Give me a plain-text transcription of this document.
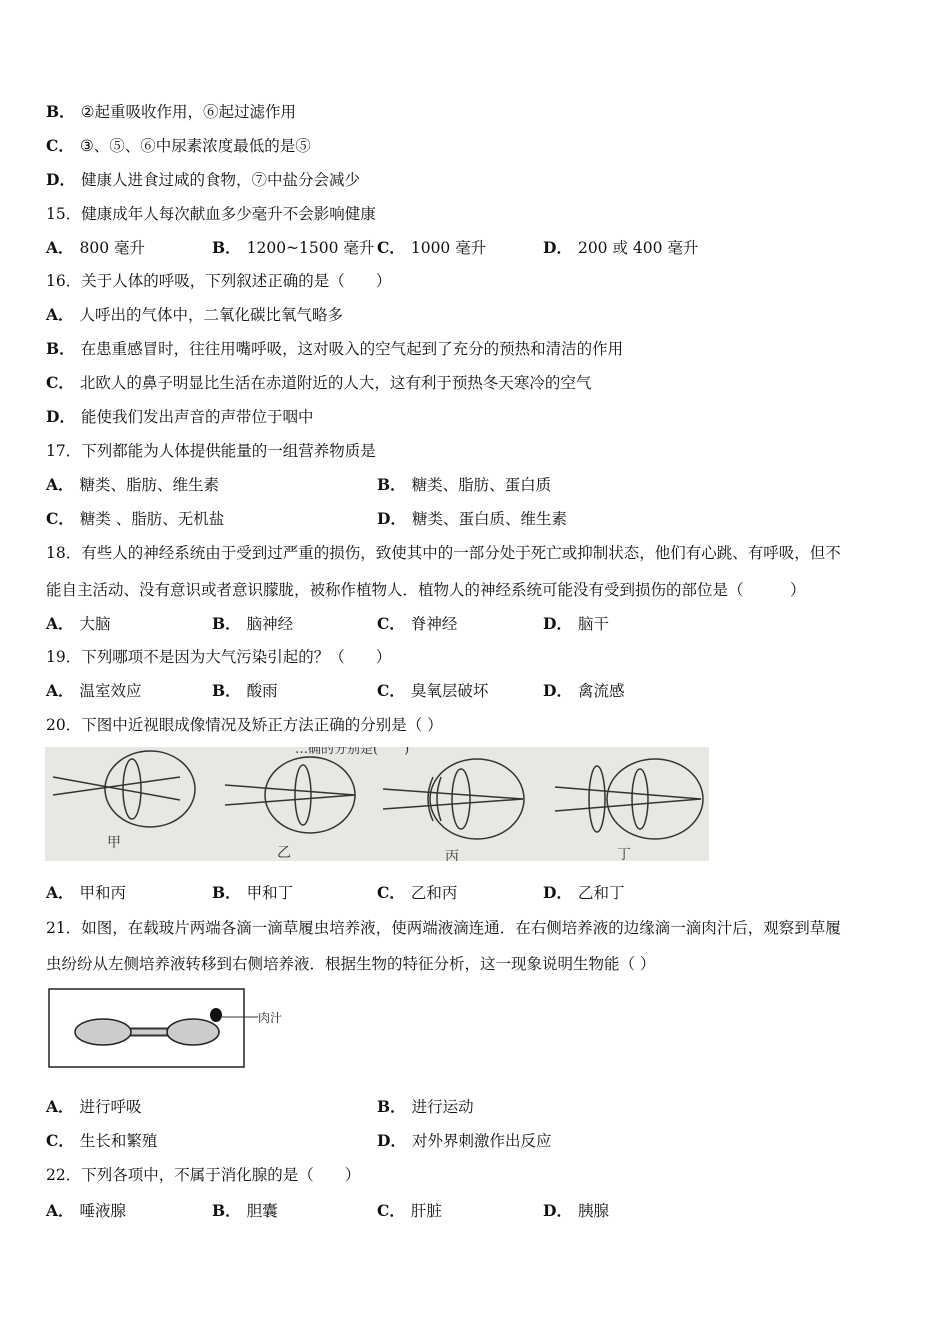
B． ②起重吸收作用，⑥起过滤作用
C． ③、⑤、⑥中尿素浓度最低的是⑤
D． 健康人进食过咸的食物，⑦中盐分会减少
15．健康成年人每次献血多少毫升不会影响健康
16．关于人体的呼吸，下列叙述正确的是（　　）
A． 人呼出的气体中，二氧化碳比氧气略多
B． 在患重感冒时，往往用嘴呼吸，这对吸入的空气起到了充分的预热和清洁的作用
C． 北欧人的鼻子明显比生活在赤道附近的人大，这有利于预热冬天寒冷的空气
D． 能使我们发出声音的声带位于咽中
17．下列都能为人体提供能量的一组营养物质是
A． 糖类、脂肪、维生素	B． 糖类、脂肪、蛋白质
C． 糖类 、脂肪、无机盐	D． 糖类、蛋白质、维生素
18．有些人的神经系统由于受到过严重的损伤，致使其中的一部分处于死亡或抑制状态，他们有心跳、有呼吸，但不
能自主活动、没有意识或者意识朦胧，被称作植物人．植物人的神经系统可能没有受到损伤的部位是（　　　）
19．下列哪项不是因为大气污染引起的？（　　）
20．下图中近视眼成像情况及矫正方法正确的分别是（ ）
…确的分别是(　　)
甲
乙	丙	丁
21．如图，在载玻片两端各滴一滴草履虫培养液，使两端液滴连通．在右侧培养液的边缘滴一滴肉汁后，观察到草履
虫纷纷从左侧培养液转移到右侧培养液．根据生物的特征分析，这一现象说明生物能（ ）
肉汁
A． 进行呼吸	B． 进行运动
C． 生长和繁殖	D． 对外界刺激作出反应
22．下列各项中，不属于消化腺的是（　　）
A． 800 毫升	B． 1200~1500 毫升 C． 1000 毫升	D． 200 或 400 毫升
A． 大脑	B． 脑神经	C． 脊神经	D． 脑干
A． 温室效应	B． 酸雨	C． 臭氧层破坏	D． 禽流感
A． 甲和丙	B． 甲和丁	C． 乙和丙	D． 乙和丁
A． 唾液腺	B． 胆囊	C． 肝脏	D． 胰腺
